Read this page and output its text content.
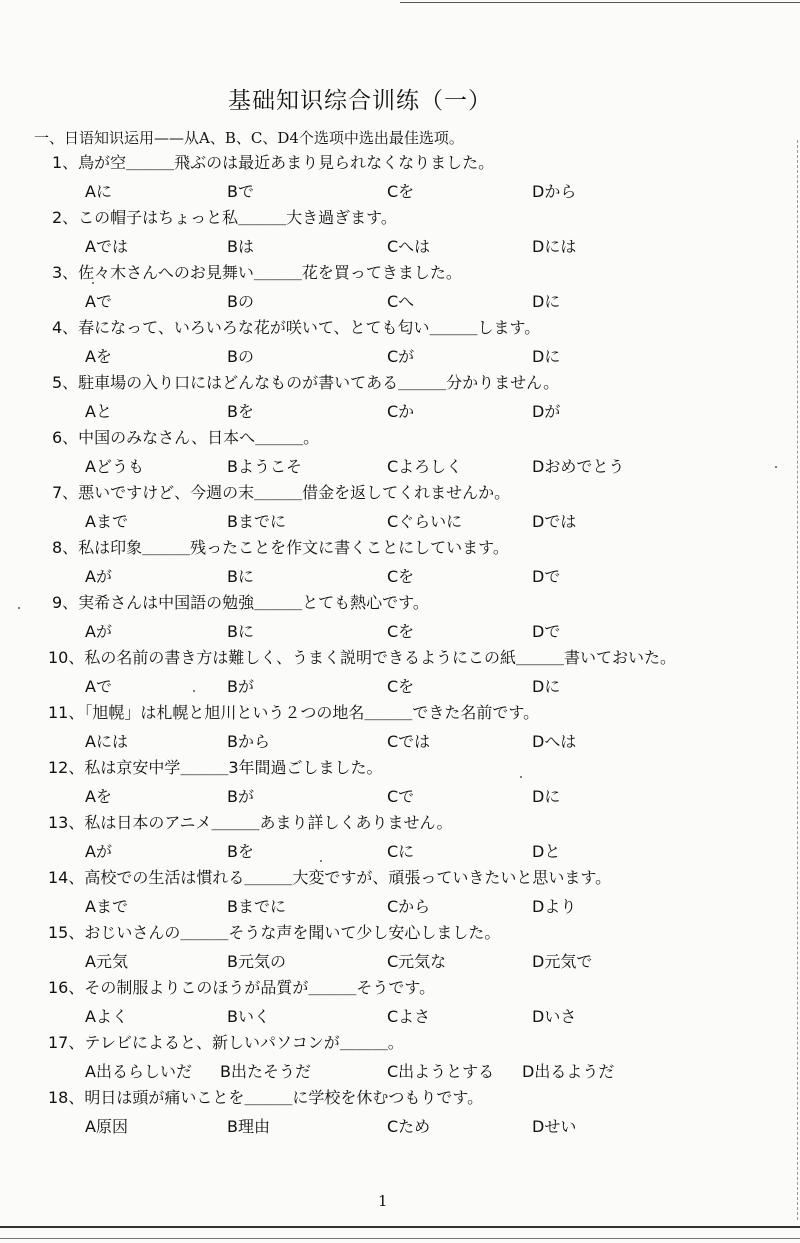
基础知识综合训练（一）
一、日语知识运用——从A、B、C、D4个选项中选出最佳选项。
1、鳥が空＿＿＿飛ぶのは最近あまり見られなくなりました。
Aに	Bで	Cを	Dから
2、この帽子はちょっと私＿＿＿大き過ぎます。
Aでは	Bは	Cへは	Dには
3、佐々木さんへのお見舞い＿＿＿花を買ってきました。
Aで	Bの	Cへ	Dに
4、春になって、いろいろな花が咲いて、とても匂い＿＿＿します。
Aを	Bの	Cが	Dに
5、駐車場の入り口にはどんなものが書いてある＿＿＿分かりません。
Aと	Bを	Cか	Dが
6、中国のみなさん、日本へ＿＿＿。
Aどうも	Bようこそ	Cよろしく	Dおめでとう
7、悪いですけど、今週の末＿＿＿借金を返してくれませんか。
Aまで	Bまでに	Cぐらいに	Dでは
8、私は印象＿＿＿残ったことを作文に書くことにしています。
Aが	Bに	Cを	Dで
9、実希さんは中国語の勉強＿＿＿とても熱心です。
Aが	Bに	Cを	Dで
10、私の名前の書き方は難しく、うまく説明できるようにこの紙＿＿＿書いておいた。
Aで	Bが	Cを	Dに
11、「旭幌」は札幌と旭川という２つの地名＿＿＿できた名前です。
Aには	Bから	Cでは	Dへは
12、私は京安中学＿＿＿3年間過ごしました。
Aを	Bが	Cで	Dに
13、私は日本のアニメ＿＿＿あまり詳しくありません。
Aが	Bを	Cに	Dと
14、高校での生活は慣れる＿＿＿大変ですが、頑張っていきたいと思います。
Aまで	Bまでに	Cから	Dより
15、おじいさんの＿＿＿そうな声を聞いて少し安心しました。
A元気	B元気の	C元気な	D元気で
16、その制服よりこのほうが品質が＿＿＿そうです。
Aよく	Bいく	Cよさ	Dいさ
17、テレビによると、新しいパソコンが＿＿＿。
A出るらしいだ B出たそうだ	C出ようとする D出るようだ
18、明日は頭が痛いことを＿＿＿に学校を休むつもりです。
A原因	B理由	Cため	Dせい
1
